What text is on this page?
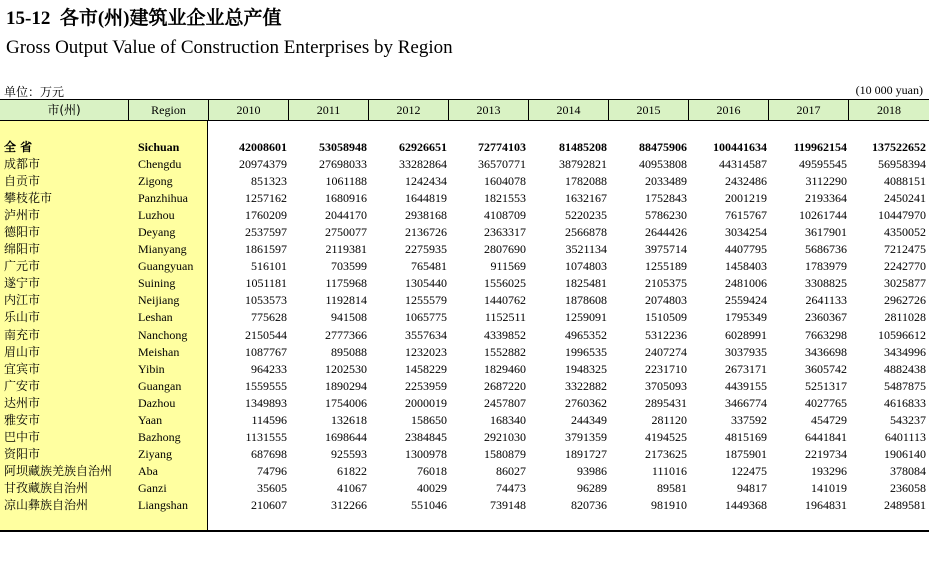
15-12 各市(州)建筑业企业总产值
Gross Output Value of Construction Enterprises by Region
单位：万元	(10 000 yuan)
市(州)	Region	2010	2011	2012	2013	2014	2015	2016	2017	2018
全 省	Sichuan	42008601	53058948	62926651	72774103	81485208	88475906	100441634	119962154	137522652
成都市	Chengdu	20974379	27698033	33282864	36570771	38792821	40953808	44314587	49595545	56958394
自贡市	Zigong	851323	1061188	1242434	1604078	1782088	2033489	2432486	3112290	4088151
攀枝花市	Panzhihua	1257162	1680916	1644819	1821553	1632167	1752843	2001219	2193364	2450241
泸州市	Luzhou	1760209	2044170	2938168	4108709	5220235	5786230	7615767	10261744	10447970
德阳市	Deyang	2537597	2750077	2136726	2363317	2566878	2644426	3034254	3617901	4350052
绵阳市	Mianyang	1861597	2119381	2275935	2807690	3521134	3975714	4407795	5686736	7212475
广元市	Guangyuan	516101	703599	765481	911569	1074803	1255189	1458403	1783979	2242770
遂宁市	Suining	1051181	1175968	1305440	1556025	1825481	2105375	2481006	3308825	3025877
内江市	Neijiang	1053573	1192814	1255579	1440762	1878608	2074803	2559424	2641133	2962726
乐山市	Leshan	775628	941508	1065775	1152511	1259091	1510509	1795349	2360367	2811028
南充市	Nanchong	2150544	2777366	3557634	4339852	4965352	5312236	6028991	7663298	10596612
眉山市	Meishan	1087767	895088	1232023	1552882	1996535	2407274	3037935	3436698	3434996
宜宾市	Yibin	964233	1202530	1458229	1829460	1948325	2231710	2673171	3605742	4882438
广安市	Guangan	1559555	1890294	2253959	2687220	3322882	3705093	4439155	5251317	5487875
达州市	Dazhou	1349893	1754006	2000019	2457807	2760362	2895431	3466774	4027765	4616833
雅安市	Yaan	114596	132618	158650	168340	244349	281120	337592	454729	543237
巴中市	Bazhong	1131555	1698644	2384845	2921030	3791359	4194525	4815169	6441841	6401113
资阳市	Ziyang	687698	925593	1300978	1580879	1891727	2173625	1875901	2219734	1906140
阿坝藏族羌族自治州 Aba	74796	61822	76018	86027	93986	111016	122475	193296	378084
甘孜藏族自治州	Ganzi	35605	41067	40029	74473	96289	89581	94817	141019	236058
凉山彝族自治州	Liangshan	210607	312266	551046	739148	820736	981910	1449368	1964831	2489581
